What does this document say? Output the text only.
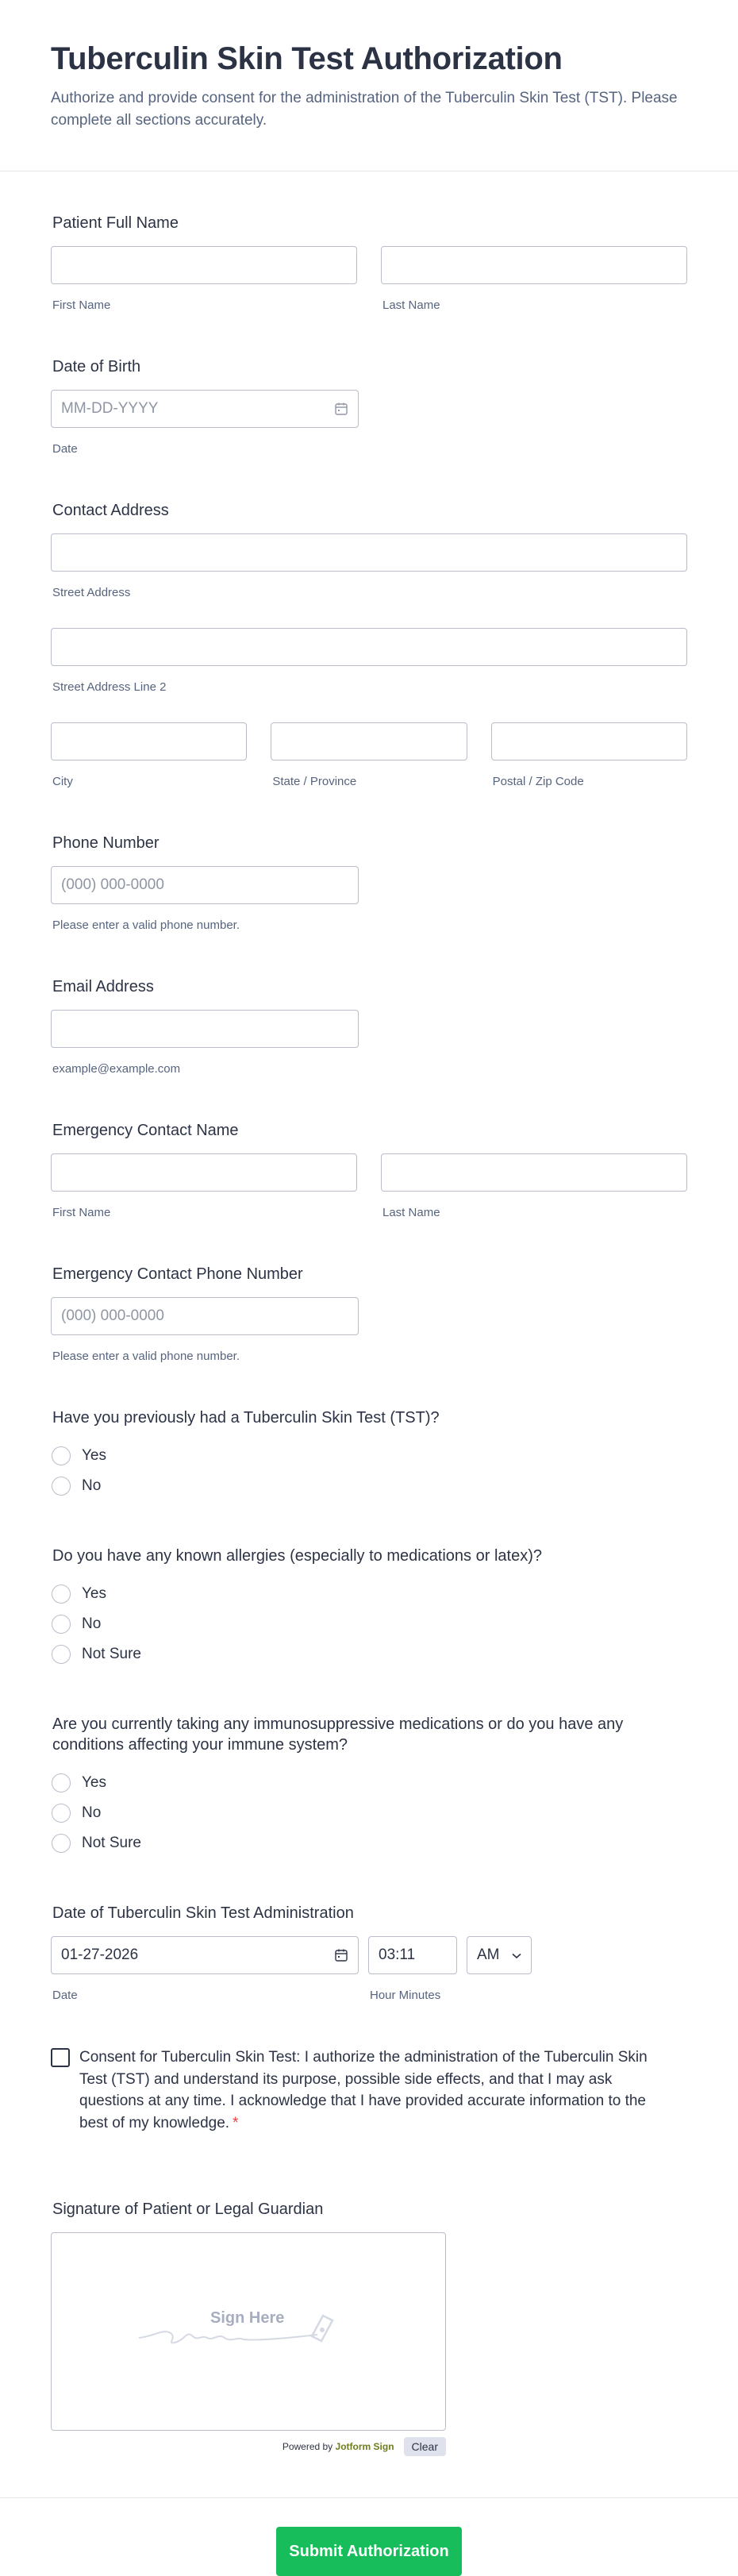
Tuberculin Skin Test Authorization

Authorize and provide consent for the administration of the Tuberculin Skin Test (TST). Please complete all sections accurately.

Patient Full Name
First Name	Last Name
Date of Birth
MM-DD-YYYY
Date
Contact Address
Street Address
Street Address Line 2
City	State / Province	Postal / Zip Code
Phone Number
(000) 000-0000
Please enter a valid phone number.
Email Address
example@example.com
Emergency Contact Name
First Name	Last Name
Emergency Contact Phone Number
(000) 000-0000
Please enter a valid phone number.
Have you previously had a Tuberculin Skin Test (TST)?
Yes
No
Do you have any known allergies (especially to medications or latex)?
Yes
No
Not Sure
Are you currently taking any immunosuppressive medications or do you have any conditions affecting your immune system?
Yes
No
Not Sure
Date of Tuberculin Skin Test Administration
01-27-2026
Date
03:11
Hour Minutes
AM
Consent for Tuberculin Skin Test: I authorize the administration of the Tuberculin Skin Test (TST) and understand its purpose, possible side effects, and that I may ask questions at any time. I acknowledge that I have provided accurate information to the best of my knowledge. *
Signature of Patient or Legal Guardian
Sign Here
Powered by Jotform Sign	Clear
Submit Authorization
